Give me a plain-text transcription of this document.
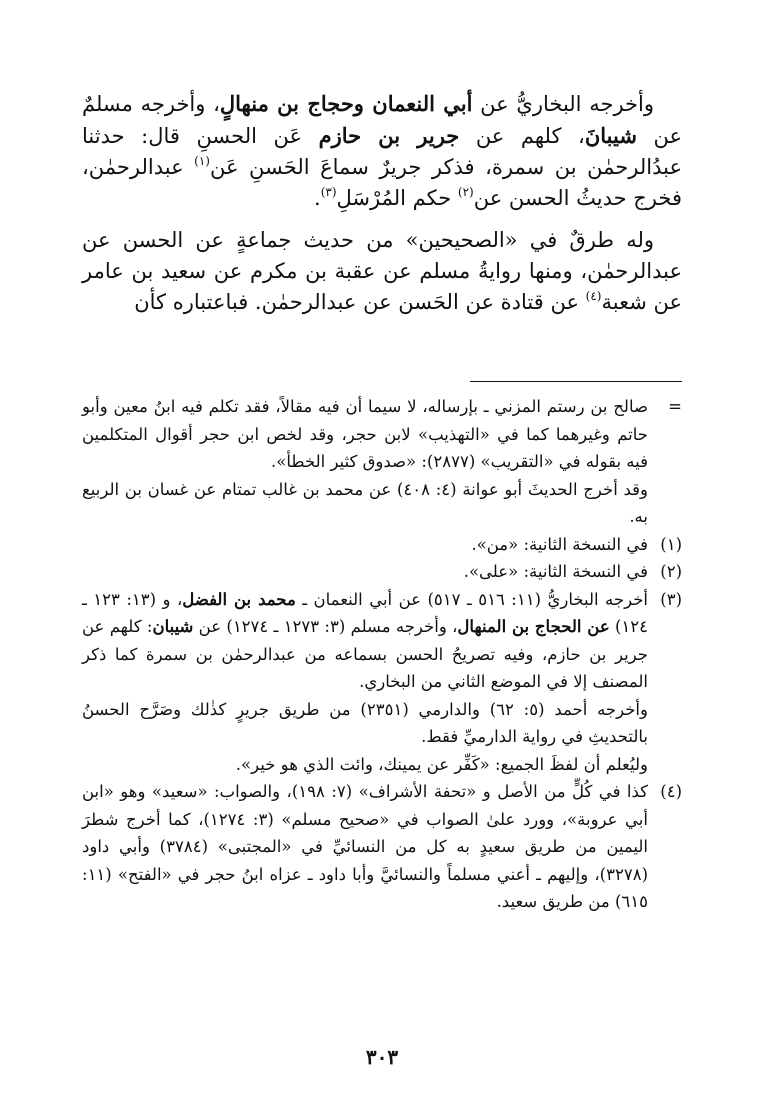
وأخرجه البخاريُّ عن أبي النعمان وحجاج بن منهالٍ، وأخرجه مسلمٌ عن شيبانَ، كلهم عن جرير بن حازم عَن الحسنِ قال: حدثنا عبدُالرحمٰن بن سمرة، فذكر جريرٌ سماعَ الحَسنِ عَن$^{(١)}$ عبدالرحمٰن، فخرج حديثُ الحسن عن$^{(٢)}$ حكم المُرْسَلِ$^{(٣)}$.

وله طرقٌ في «الصحيحين» من حديث جماعةٍ عن الحسن عن عبدالرحمٰن، ومنها روايةُ مسلم عن عقبة بن مكرم عن سعيد بن عامر عن شعبة$^{(٤)}$ عن قتادة عن الحَسن عن عبدالرحمٰن. فباعتباره كأن

=

صالح بن رستم المزني ـ بإرساله، لا سيما أن فيه مقالاً، فقد تكلم فيه ابنُ معين وأبو حاتم وغيرهما كما في «التهذيب» لابن حجر، وقد لخص ابن حجر أقوال المتكلمين فيه بقوله في «التقريب» (٢٨٧٧): «صدوق كثير الخطأ».

وقد أخرج الحديثَ أبو عوانة (٤: ٤٠٨) عن محمد بن غالب تمتام عن غسان بن الربيع به.

(١)

في النسخة الثانية: «من».

(٢)

في النسخة الثانية: «على».

(٣)

أخرجه البخاريُّ (١١: ٥١٦ ـ ٥١٧) عن أبي النعمان ـ محمد بن الفضل، و (١٣: ١٢٣ ـ ١٢٤) عن الحجاج بن المنهال، وأخرجه مسلم (٣: ١٢٧٣ ـ ١٢٧٤) عن شيبان: كلهم عن جرير بن حازم، وفيه تصريحُ الحسن بسماعه من عبدالرحمٰن بن سمرة كما ذكر المصنف إلا في الموضع الثاني من البخاري.

وأخرجه أحمد (٥: ٦٢) والدارمي (٢٣٥١) من طريق جريرٍ كذٰلك وصَرَّح الحسنُ بالتحديثِ في رواية الدارميِّ فقط.

وليُعلم أن لفظَ الجميع: «كَفِّر عن يمينك، وائت الذي هو خير».

(٤)

كذا في كُلٍّ من الأصل و «تحفة الأشراف» (٧: ١٩٨)، والصواب: «سعيد» وهو «ابن أبي عروبة»، وورد علىٰ الصواب في «صحيح مسلم» (٣: ١٢٧٤)، كما أخرج شطرَ اليمين من طريق سعيدٍ به كل من النسائيِّ في «المجتبى» (٣٧٨٤) وأبي داود (٣٢٧٨)، وإليهم ـ أعني مسلماً والنسائيَّ وأبا داود ـ عزاه ابنُ حجر في «الفتح» (١١: ٦١٥) من طريق سعيد.

٣٠٣
